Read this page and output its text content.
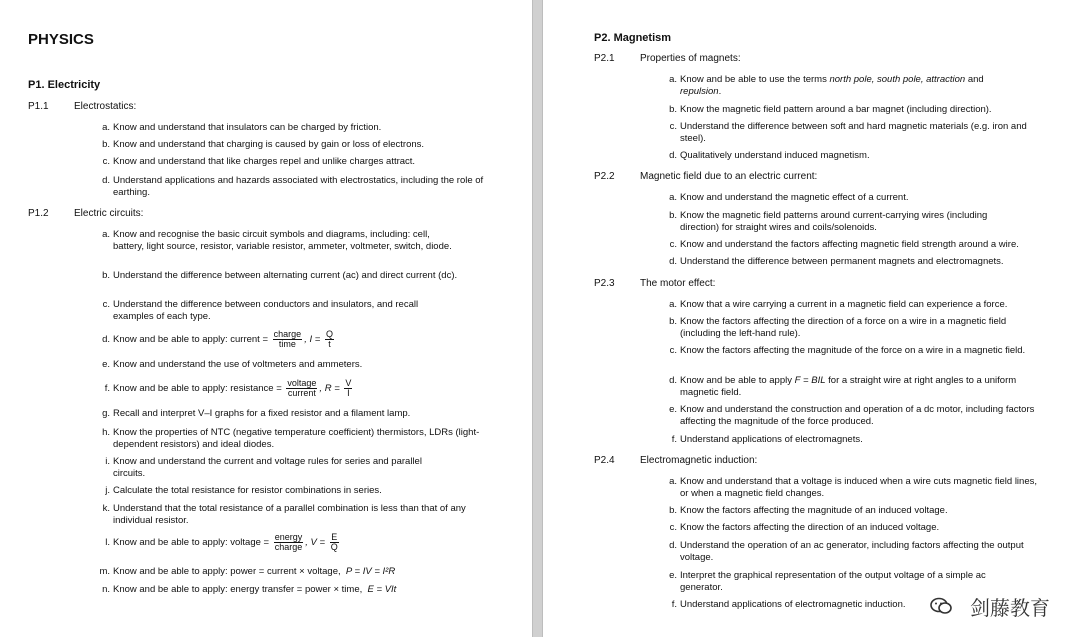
PHYSICS
P1. Electricity
P1.1	Electrostatics:
a. Know and understand that insulators can be charged by friction.
b. Know and understand that charging is caused by gain or loss of electrons.
c. Know and understand that like charges repel and unlike charges attract.
d. Understand applications and hazards associated with electrostatics, including the role of earthing.
P1.2	Electric circuits:
a. Know and recognise the basic circuit symbols and diagrams, including: cell, battery, light source, resistor, variable resistor, ammeter, voltmeter, switch, diode.
b. Understand the difference between alternating current (ac) and direct current (dc).
c. Understand the difference between conductors and insulators, and recall examples of each type.
d. Know and be able to apply: current = $\frac{\text{charge}}{\text{time}}$ , $I = \frac{Q}{t}$
e. Know and understand the use of voltmeters and ammeters.
f. Know and be able to apply: resistance = $\frac{\text{voltage}}{\text{current}}$ , $R = \frac{V}{I}$
g. Recall and interpret V–I graphs for a fixed resistor and a filament lamp.
h. Know the properties of NTC (negative temperature coefficient) thermistors, LDRs (light-dependent resistors) and ideal diodes.
i. Know and understand the current and voltage rules for series and parallel circuits.
j. Calculate the total resistance for resistor combinations in series.
k. Understand that the total resistance of a parallel combination is less than that of any individual resistor.
l. Know and be able to apply: voltage = $\frac{\text{energy}}{\text{charge}}$ , $V = \frac{E}{Q}$
m. Know and be able to apply: power = current × voltage, P = IV = I²R
n. Know and be able to apply: energy transfer = power × time, E = VIt
P2. Magnetism
P2.1	Properties of magnets:
a. Know and be able to use the terms north pole, south pole, attraction and repulsion.
b. Know the magnetic field pattern around a bar magnet (including direction).
c. Understand the difference between soft and hard magnetic materials (e.g. iron and steel).
d. Qualitatively understand induced magnetism.
P2.2	Magnetic field due to an electric current:
a. Know and understand the magnetic effect of a current.
b. Know the magnetic field patterns around current-carrying wires (including direction) for straight wires and coils/solenoids.
c. Know and understand the factors affecting magnetic field strength around a wire.
d. Understand the difference between permanent magnets and electromagnets.
P2.3	The motor effect:
a. Know that a wire carrying a current in a magnetic field can experience a force.
b. Know the factors affecting the direction of a force on a wire in a magnetic field (including the left-hand rule).
c. Know the factors affecting the magnitude of the force on a wire in a magnetic field.
d. Know and be able to apply F = BIL for a straight wire at right angles to a uniform magnetic field.
e. Know and understand the construction and operation of a dc motor, including factors affecting the magnitude of the force produced.
f. Understand applications of electromagnets.
P2.4	Electromagnetic induction:
a. Know and understand that a voltage is induced when a wire cuts magnetic field lines, or when a magnetic field changes.
b. Know the factors affecting the magnitude of an induced voltage.
c. Know the factors affecting the direction of an induced voltage.
d. Understand the operation of an ac generator, including factors affecting the output voltage.
e. Interpret the graphical representation of the output voltage of a simple ac generator.
f. Understand applications of electromagnetic induction.	剑藤教育
